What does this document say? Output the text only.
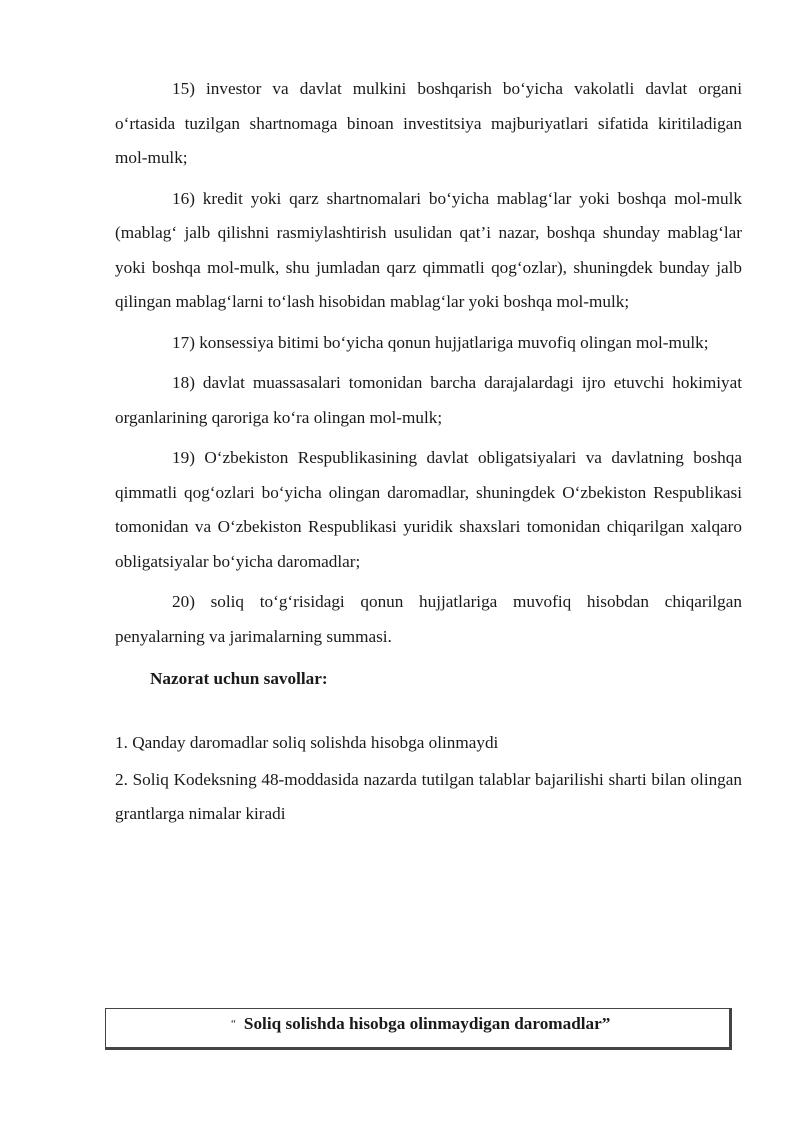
15) investor va davlat mulkini boshqarish bo‘yicha vakolatli davlat organi o‘rtasida tuzilgan shartnomaga binoan investitsiya majburiyatlari sifatida kiritiladigan mol-mulk;

16) kredit yoki qarz shartnomalari bo‘yicha mablag‘lar yoki boshqa mol-mulk (mablag‘ jalb qilishni rasmiylashtirish usulidan qat’i nazar, boshqa shunday mablag‘lar yoki boshqa mol-mulk, shu jumladan qarz qimmatli qog‘ozlar), shuningdek bunday jalb qilingan mablag‘larni to‘lash hisobidan mablag‘lar yoki boshqa mol-mulk;

17) konsessiya bitimi bo‘yicha qonun hujjatlariga muvofiq olingan mol-mulk;

18) davlat muassasalari tomonidan barcha darajalardagi ijro etuvchi hokimiyat organlarining qaroriga ko‘ra olingan mol-mulk;

19) O‘zbekiston Respublikasining davlat obligatsiyalari va davlatning boshqa qimmatli qog‘ozlari bo‘yicha olingan daromadlar, shuningdek O‘zbekiston Respublikasi tomonidan va O‘zbekiston Respublikasi yuridik shaxslari tomonidan chiqarilgan xalqaro obligatsiyalar bo‘yicha daromadlar;

20) soliq to‘g‘risidagi qonun hujjatlariga muvofiq hisobdan chiqarilgan penyalarning va jarimalarning summasi.

Nazorat uchun savollar:

1. Qanday daromadlar soliq solishda hisobga olinmaydi

2. Soliq Kodeksning 48-moddasida nazarda tutilgan talablar bajarilishi sharti bilan olingan grantlarga nimalar kiradi

“ Soliq solishda hisobga olinmaydigan daromadlar”
